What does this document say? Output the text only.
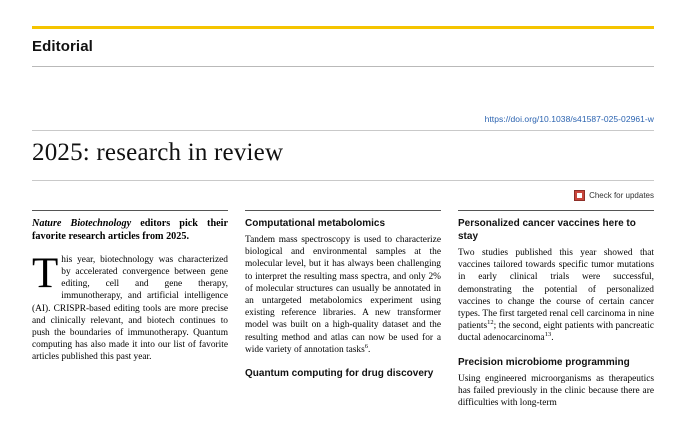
Editorial
https://doi.org/10.1038/s41587-025-02961-w
2025: research in review
Check for updates

Nature Biotechnology editors pick their favorite research articles from 2025.

This year, biotechnology was characterized by accelerated convergence between gene editing, cell and gene therapy, immunotherapy, and artificial intelligence (AI). CRISPR-based editing tools are more precise and clinically relevant, and biotech continues to push the boundaries of immunotherapy. Quantum computing has also made it into our list of favorite articles published this past year.

Computational metabolomics

Tandem mass spectroscopy is used to characterize biological and environmental samples at the molecular level, but it has always been challenging to interpret the resulting mass spectra, and only 2% of molecular structures can usually be annotated in an untargeted metabolomics experiment using existing reference libraries. A new transformer model was built on a high-quality dataset and the resulting method and atlas can now be used for a wide variety of annotation tasks$^6$.

Quantum computing for drug discovery
Personalized cancer vaccines here to stay

Two studies published this year showed that vaccines tailored towards specific tumor mutations in early clinical trials were successful, demonstrating the potential of personalized vaccines to change the course of certain cancer types. The first targeted renal cell carcinoma in nine patients$^{12}$; the second, eight patients with pancreatic ductal adenocarcinoma$^{13}$.

Precision microbiome programming

Using engineered microorganisms as therapeutics has failed previously in the clinic because there are difficulties with long-term
